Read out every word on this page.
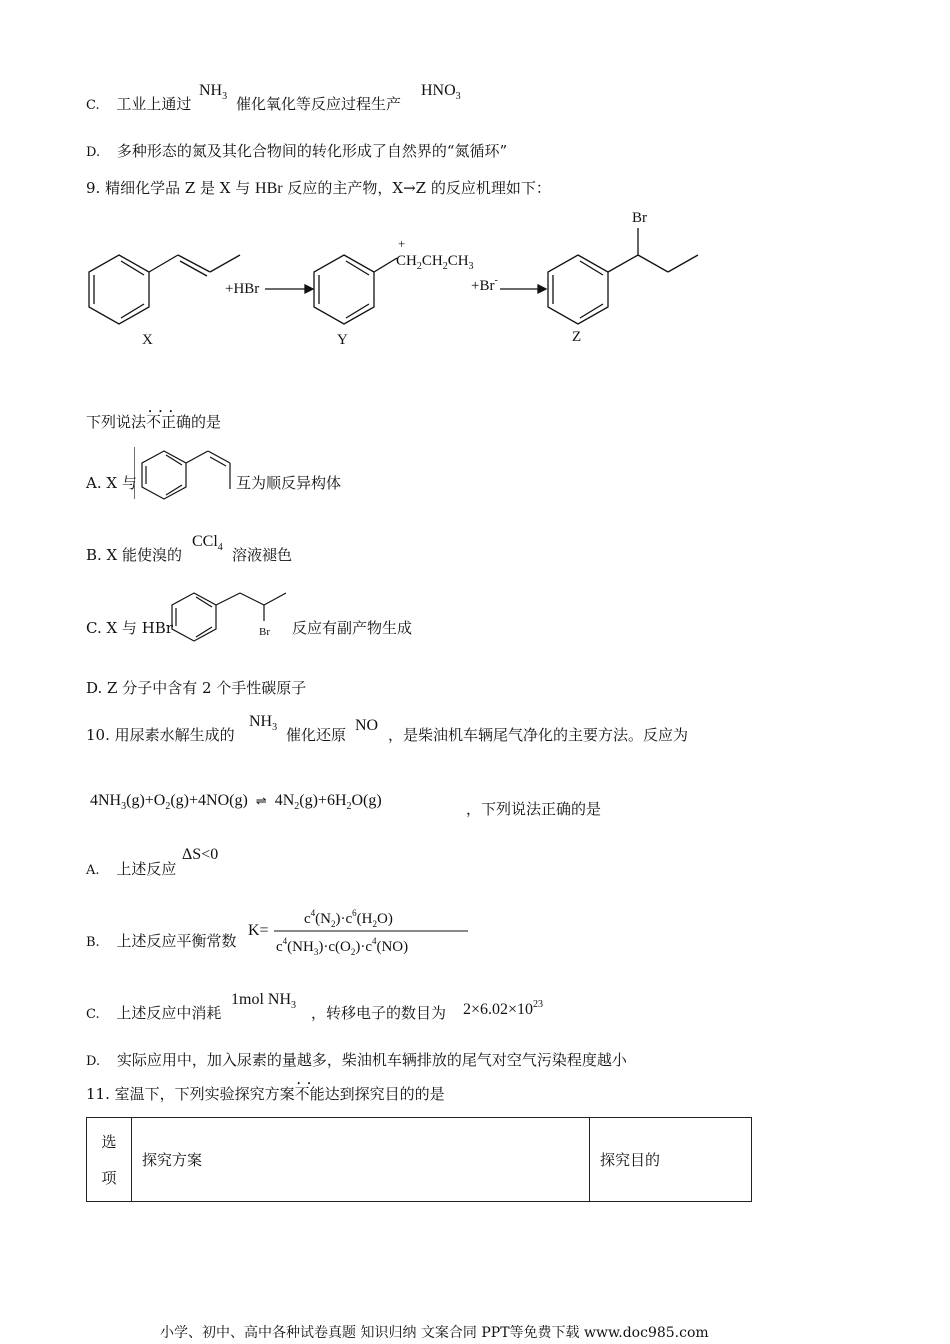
C. 工业上通过
$NH_3$ 催化氧化等反应过程生产
$HNO_3$
D. 多种形态的氮及其化合物间的转化形成了自然界的“氮循环”
9. 精细化学品 Z 是 X 与 HBr 反应的主产物，X→Z 的反应机理如下：
X
+HBr
$CH_2CH_2CH_3$
+
Y
+Br-
Br
Z
下列说法• • • 不正确的是
A. X 与	互为顺反异构体
B. X 能使溴的
CCl$_4$ 溶液褪色
C. X 与 HBr	Br 反应有副产物生成
D. Z 分子中含有 2 个手性碳原子
10. 用尿素水解生成的
$NH_3$ 催化还原
NO
，是柴油机车辆尾气净化的主要方法。反应为
$4NH_3(g)+O_2(g)+4NO(g)$ ⇌ $4N_2(g)+6H_2O(g)$	，下列说法正确的是
A. 上述反应
ΔS<0
B. 上述反应平衡常数
K=
$c^4(N_2)\cdot c^6(H_2O)$
$c^4(NH_3)\cdot c(O_2)\cdot c^4(NO)$
C. 上述反应中消耗
1mol $NH_3$ ，转移电子的数目为 $2\times 6.02\times 10^{23}$
D. 实际应用中，加入尿素的量越多，柴油机车辆排放的尾气对空气污染程度越小
11. 室温下，下列实验探究方案• • 不能达到探究目的的是
选
项
	探究方案	探究目的
小学、初中、高中各种试卷真题 知识归纳 文案合同 PPT等免费下载 www.doc985.com
